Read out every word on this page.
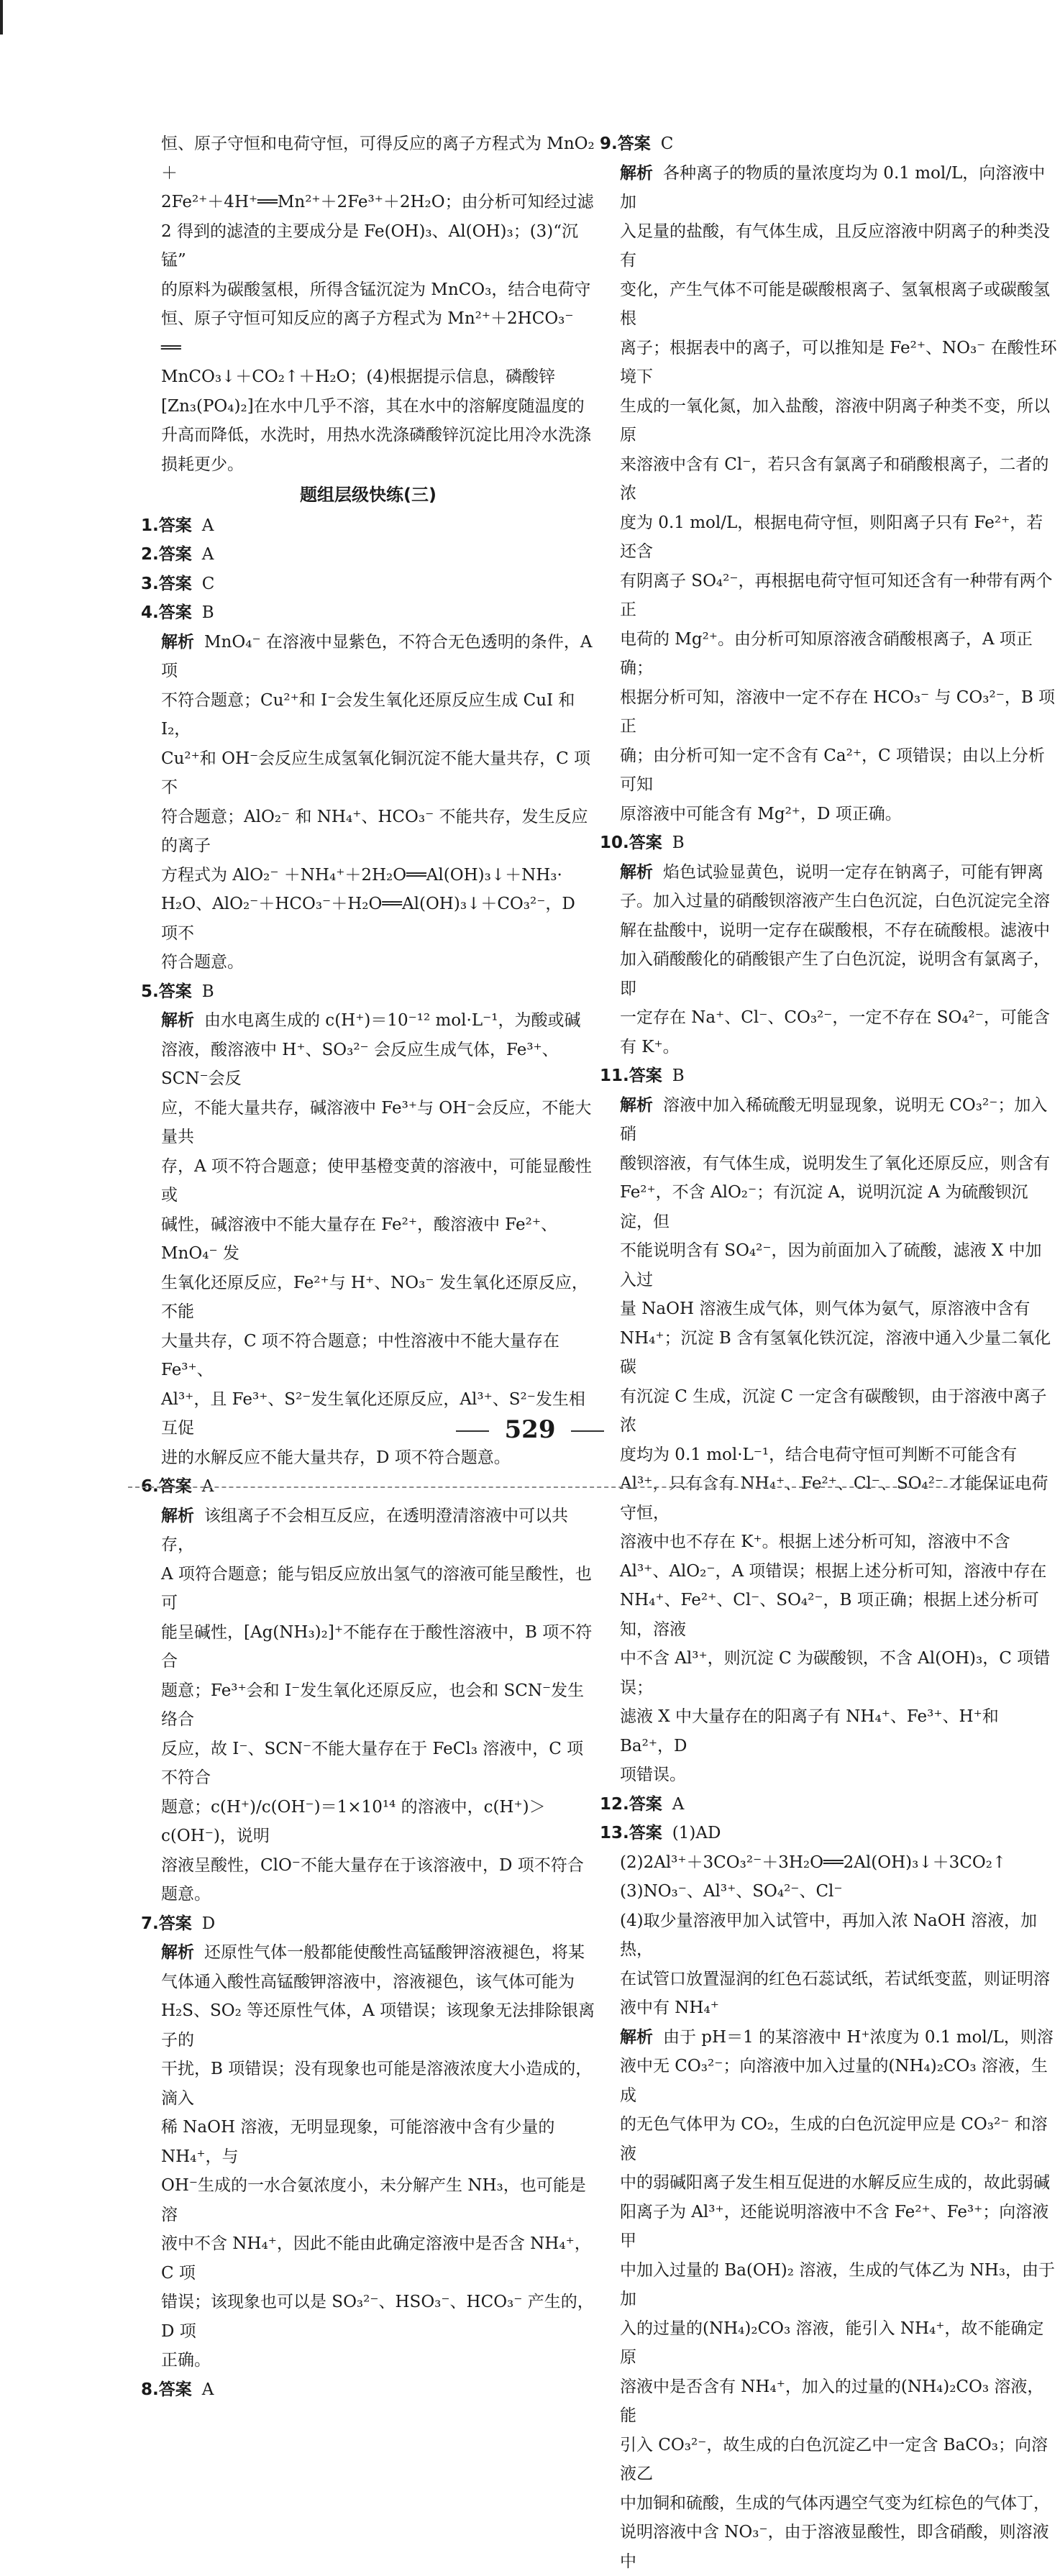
恒、原子守恒和电荷守恒，可得反应的离子方程式为 MnO₂＋

2Fe²⁺＋4H⁺══Mn²⁺＋2Fe³⁺＋2H₂O；由分析可知经过滤

2 得到的滤渣的主要成分是 Fe(OH)₃、Al(OH)₃；(3)“沉锰”

的原料为碳酸氢根，所得含锰沉淀为 MnCO₃，结合电荷守

恒、原子守恒可知反应的离子方程式为 Mn²⁺＋2HCO₃⁻ ══

MnCO₃↓＋CO₂↑＋H₂O；(4)根据提示信息，磷酸锌

[Zn₃(PO₄)₂]在水中几乎不溶，其在水中的溶解度随温度的

升高而降低，水洗时，用热水洗涤磷酸锌沉淀比用冷水洗涤

损耗更少。

题组层级快练(三)

1.答案 A

2.答案 A

3.答案 C

4.答案 B

解析 MnO₄⁻ 在溶液中显紫色，不符合无色透明的条件，A 项

不符合题意；Cu²⁺和 I⁻会发生氧化还原反应生成 CuI 和 I₂，

Cu²⁺和 OH⁻会反应生成氢氧化铜沉淀不能大量共存，C 项不

符合题意；AlO₂⁻ 和 NH₄⁺、HCO₃⁻ 不能共存，发生反应的离子

方程式为 AlO₂⁻ ＋NH₄⁺＋2H₂O══Al(OH)₃↓＋NH₃·

H₂O、AlO₂⁻＋HCO₃⁻＋H₂O══Al(OH)₃↓＋CO₃²⁻，D 项不

符合题意。

5.答案 B

解析 由水电离生成的 c(H⁺)＝10⁻¹² mol·L⁻¹，为酸或碱

溶液，酸溶液中 H⁺、SO₃²⁻ 会反应生成气体，Fe³⁺、SCN⁻会反

应，不能大量共存，碱溶液中 Fe³⁺与 OH⁻会反应，不能大量共

存，A 项不符合题意；使甲基橙变黄的溶液中，可能显酸性或

碱性，碱溶液中不能大量存在 Fe²⁺，酸溶液中 Fe²⁺、MnO₄⁻ 发

生氧化还原反应，Fe²⁺与 H⁺、NO₃⁻ 发生氧化还原反应，不能

大量共存，C 项不符合题意；中性溶液中不能大量存在 Fe³⁺、

Al³⁺，且 Fe³⁺、S²⁻发生氧化还原反应，Al³⁺、S²⁻发生相互促

进的水解反应不能大量共存，D 项不符合题意。

6.答案 A

解析 该组离子不会相互反应，在透明澄清溶液中可以共存，

A 项符合题意；能与铝反应放出氢气的溶液可能呈酸性，也可

能呈碱性，[Ag(NH₃)₂]⁺不能存在于酸性溶液中，B 项不符合

题意；Fe³⁺会和 I⁻发生氧化还原反应，也会和 SCN⁻发生络合

反应，故 I⁻、SCN⁻不能大量存在于 FeCl₃ 溶液中，C 项不符合

题意；c(H⁺)/c(OH⁻)＝1×10¹⁴ 的溶液中，c(H⁺)＞c(OH⁻)，说明

溶液呈酸性，ClO⁻不能大量存在于该溶液中，D 项不符合

题意。

7.答案 D

解析 还原性气体一般都能使酸性高锰酸钾溶液褪色，将某

气体通入酸性高锰酸钾溶液中，溶液褪色，该气体可能为

H₂S、SO₂ 等还原性气体，A 项错误；该现象无法排除银离子的

干扰，B 项错误；没有现象也可能是溶液浓度大小造成的，滴入

稀 NaOH 溶液，无明显现象，可能溶液中含有少量的 NH₄⁺，与

OH⁻生成的一水合氨浓度小，未分解产生 NH₃，也可能是溶

液中不含 NH₄⁺，因此不能由此确定溶液中是否含 NH₄⁺，C 项

错误；该现象也可以是 SO₃²⁻、HSO₃⁻、HCO₃⁻ 产生的，D 项

正确。

8.答案 A

9.答案 C

解析 各种离子的物质的量浓度均为 0.1 mol/L，向溶液中加

入足量的盐酸，有气体生成，且反应溶液中阴离子的种类没有

变化，产生气体不可能是碳酸根离子、氢氧根离子或碳酸氢根

离子；根据表中的离子，可以推知是 Fe²⁺、NO₃⁻ 在酸性环境下

生成的一氧化氮，加入盐酸，溶液中阴离子种类不变，所以原

来溶液中含有 Cl⁻，若只含有氯离子和硝酸根离子，二者的浓

度为 0.1 mol/L，根据电荷守恒，则阳离子只有 Fe²⁺，若还含

有阴离子 SO₄²⁻，再根据电荷守恒可知还含有一种带有两个正

电荷的 Mg²⁺。由分析可知原溶液含硝酸根离子，A 项正确；

根据分析可知，溶液中一定不存在 HCO₃⁻ 与 CO₃²⁻，B 项正

确；由分析可知一定不含有 Ca²⁺，C 项错误；由以上分析可知

原溶液中可能含有 Mg²⁺，D 项正确。

10.答案 B

解析 焰色试验显黄色，说明一定存在钠离子，可能有钾离

子。加入过量的硝酸钡溶液产生白色沉淀，白色沉淀完全溶

解在盐酸中，说明一定存在碳酸根，不存在硫酸根。滤液中

加入硝酸酸化的硝酸银产生了白色沉淀，说明含有氯离子，即

一定存在 Na⁺、Cl⁻、CO₃²⁻，一定不存在 SO₄²⁻，可能含有 K⁺。

11.答案 B

解析 溶液中加入稀硫酸无明显现象，说明无 CO₃²⁻；加入硝

酸钡溶液，有气体生成，说明发生了氧化还原反应，则含有

Fe²⁺，不含 AlO₂⁻；有沉淀 A，说明沉淀 A 为硫酸钡沉淀，但

不能说明含有 SO₄²⁻，因为前面加入了硫酸，滤液 X 中加入过

量 NaOH 溶液生成气体，则气体为氨气，原溶液中含有

NH₄⁺；沉淀 B 含有氢氧化铁沉淀，溶液中通入少量二氧化碳

有沉淀 C 生成，沉淀 C 一定含有碳酸钡，由于溶液中离子浓

度均为 0.1 mol·L⁻¹，结合电荷守恒可判断不可能含有

Al³⁺，只有含有 NH₄⁺、Fe²⁺、Cl⁻、SO₄²⁻ 才能保证电荷守恒，

溶液中也不存在 K⁺。根据上述分析可知，溶液中不含

Al³⁺、AlO₂⁻，A 项错误；根据上述分析可知，溶液中存在

NH₄⁺、Fe²⁺、Cl⁻、SO₄²⁻，B 项正确；根据上述分析可知，溶液

中不含 Al³⁺，则沉淀 C 为碳酸钡，不含 Al(OH)₃，C 项错误；

滤液 X 中大量存在的阳离子有 NH₄⁺、Fe³⁺、H⁺和 Ba²⁺，D

项错误。

12.答案 A

13.答案 (1)AD

(2)2Al³⁺＋3CO₃²⁻＋3H₂O══2Al(OH)₃↓＋3CO₂↑

(3)NO₃⁻、Al³⁺、SO₄²⁻、Cl⁻

(4)取少量溶液甲加入试管中，再加入浓 NaOH 溶液，加热，

在试管口放置湿润的红色石蕊试纸，若试纸变蓝，则证明溶

液中有 NH₄⁺

解析 由于 pH＝1 的某溶液中 H⁺浓度为 0.1 mol/L，则溶

液中无 CO₃²⁻；向溶液中加入过量的(NH₄)₂CO₃ 溶液，生成

的无色气体甲为 CO₂，生成的白色沉淀甲应是 CO₃²⁻ 和溶液

中的弱碱阳离子发生相互促进的水解反应生成的，故此弱碱

阳离子为 Al³⁺，还能说明溶液中不含 Fe²⁺、Fe³⁺；向溶液甲

中加入过量的 Ba(OH)₂ 溶液，生成的气体乙为 NH₃，由于加

入的过量的(NH₄)₂CO₃ 溶液，能引入 NH₄⁺，故不能确定原

溶液中是否含有 NH₄⁺，加入的过量的(NH₄)₂CO₃ 溶液，能

引入 CO₃²⁻，故生成的白色沉淀乙中一定含 BaCO₃；向溶液乙

中加铜和硫酸，生成的气体丙遇空气变为红棕色的气体丁，

说明溶液中含 NO₃⁻，由于溶液显酸性，即含硝酸，则溶液中

529
